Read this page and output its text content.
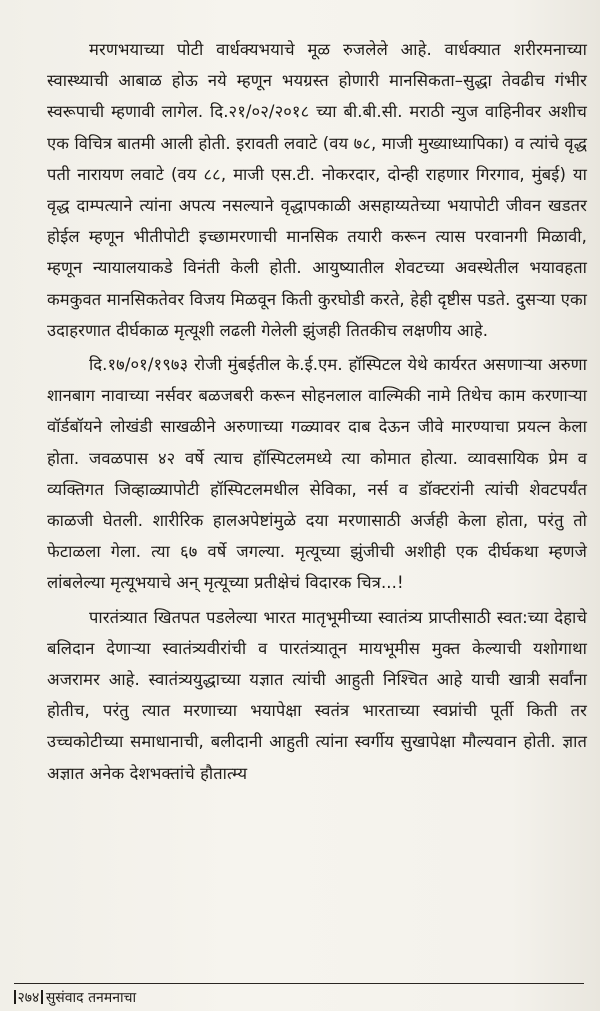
मरणभयाच्या पोटी वार्धक्यभयाचे मूळ रुजलेले आहे. वार्धक्यात शरीरमनाच्या स्वास्थ्याची आबाळ होऊ नये म्हणून भयग्रस्त होणारी मानसिकता–सुद्धा तेवढीच गंभीर स्वरूपाची म्हणावी लागेल. दि.२१/०२/२०१८ च्या बी.बी.सी. मराठी न्युज वाहिनीवर अशीच एक विचित्र बातमी आली होती. इरावती लवाटे (वय ७८, माजी मुख्याध्यापिका) व त्यांचे वृद्ध पती नारायण लवाटे (वय ८८, माजी एस.टी. नोकरदार, दोन्ही राहणार गिरगाव, मुंबई) या वृद्ध दाम्पत्याने त्यांना अपत्य नसल्याने वृद्धापकाळी असहाय्यतेच्या भयापोटी जीवन खडतर होईल म्हणून भीतीपोटी इच्छामरणाची मानसिक तयारी करून त्यास परवानगी मिळावी, म्हणून न्यायालयाकडे विनंती केली होती. आयुष्यातील शेवटच्या अवस्थेतील भयावहता कमकुवत मानसिकतेवर विजय मिळवून किती कुरघोडी करते, हेही दृष्टीस पडते. दुसऱ्या एका उदाहरणात दीर्घकाळ मृत्यूशी लढली गेलेली झुंजही तितकीच लक्षणीय आहे.

दि.१७/०१/१९७३ रोजी मुंबईतील के.ई.एम. हॉस्पिटल येथे कार्यरत असणाऱ्या अरुणा शानबाग नावाच्या नर्सवर बळजबरी करून सोहनलाल वाल्मिकी नामे तिथेच काम करणाऱ्या वॉर्डबॉयने लोखंडी साखळीने अरुणाच्या गळ्यावर दाब देऊन जीवे मारण्याचा प्रयत्न केला होता. जवळपास ४२ वर्षे त्याच हॉस्पिटलमध्ये त्या कोमात होत्या. व्यावसायिक प्रेम व व्यक्तिगत जिव्हाळ्यापोटी हॉस्पिटलमधील सेविका, नर्स व डॉक्टरांनी त्यांची शेवटपर्यंत काळजी घेतली. शारीरिक हालअपेष्टांमुळे दया मरणासाठी अर्जही केला होता, परंतु तो फेटाळला गेला. त्या ६७ वर्षे जगल्या. मृत्यूच्या झुंजीची अशीही एक दीर्घकथा म्हणजे लांबलेल्या मृत्यूभयाचे अन् मृत्यूच्या प्रतीक्षेचं विदारक चित्र...!

पारतंत्र्यात खितपत पडलेल्या भारत मातृभूमीच्या स्वातंत्र्य प्राप्तीसाठी स्वत:च्या देहाचे बलिदान देणाऱ्या स्वातंत्र्यवीरांची व पारतंत्र्यातून मायभूमीस मुक्त केल्याची यशोगाथा अजरामर आहे. स्वातंत्र्ययुद्धाच्या यज्ञात त्यांची आहुती निश्चित आहे याची खात्री सर्वांना होतीच, परंतु त्यात मरणाच्या भयापेक्षा स्वतंत्र भारताच्या स्वप्नांची पूर्ती किती तर उच्चकोटीच्या समाधानाची, बलीदानी आहुती त्यांना स्वर्गीय सुखापेक्षा मौल्यवान होती. ज्ञात अज्ञात अनेक देशभक्तांचे हौतात्म्य

२७४ सुसंवाद तनमनाचा
